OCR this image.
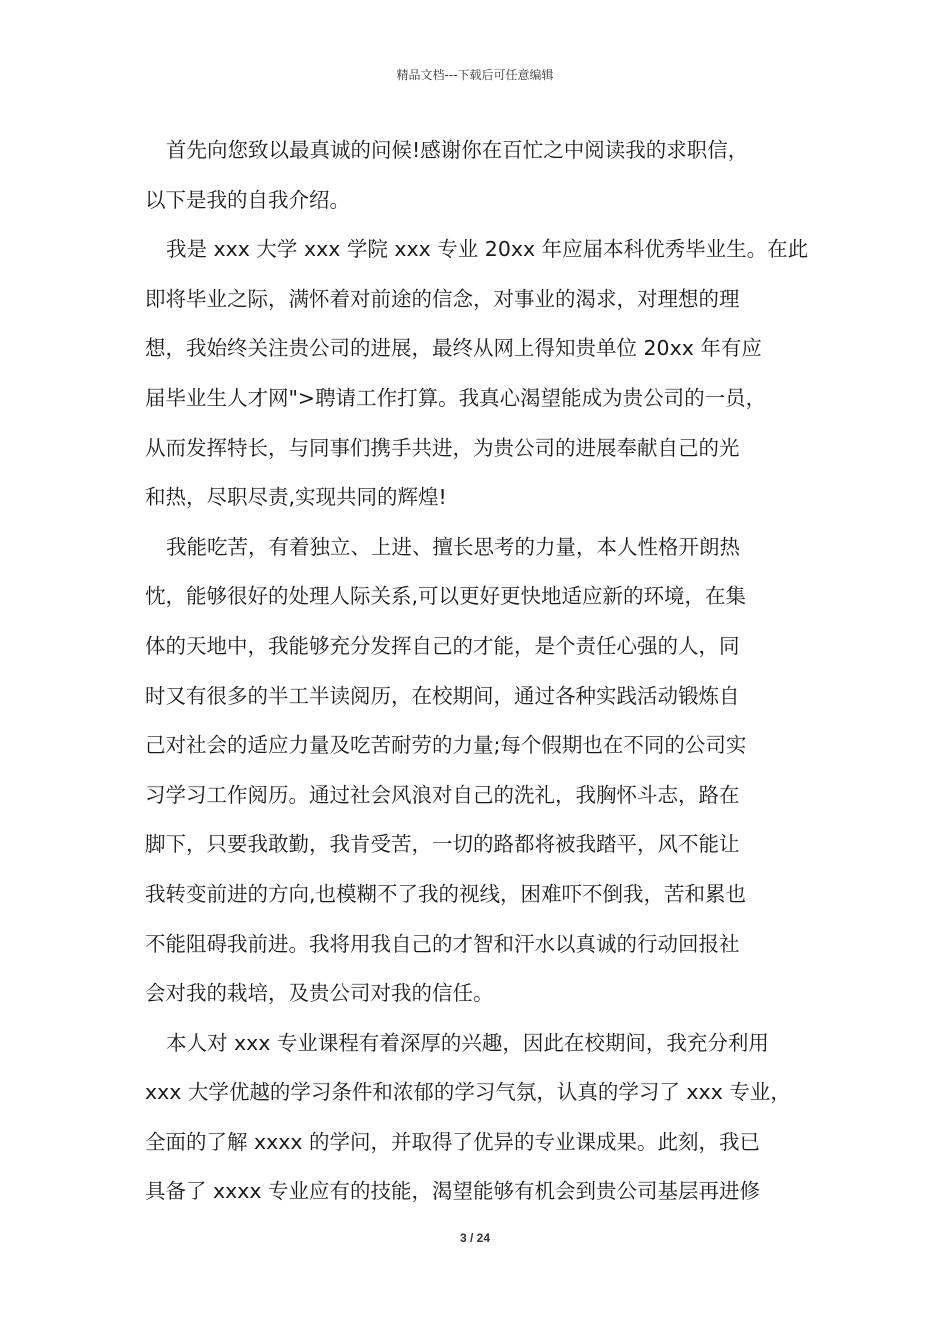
精品文档---下载后可任意编辑
首先向您致以最真诚的问候!感谢你在百忙之中阅读我的求职信，
以下是我的自我介绍。
我是 xxx 大学 xxx 学院 xxx 专业 20xx 年应届本科优秀毕业生。在此
即将毕业之际，满怀着对前途的信念，对事业的渴求，对理想的理
想，我始终关注贵公司的进展，最终从网上得知贵单位 20xx 年有应
届毕业生人才网">聘请工作打算。我真心渴望能成为贵公司的一员，
从而发挥特长，与同事们携手共进，为贵公司的进展奉献自己的光
和热，尽职尽责,实现共同的辉煌!
我能吃苦，有着独立、上进、擅长思考的力量，本人性格开朗热
忱，能够很好的处理人际关系,可以更好更快地适应新的环境，在集
体的天地中，我能够充分发挥自己的才能，是个责任心强的人，同
时又有很多的半工半读阅历，在校期间，通过各种实践活动锻炼自
己对社会的适应力量及吃苦耐劳的力量;每个假期也在不同的公司实
习学习工作阅历。通过社会风浪对自己的洗礼，我胸怀斗志，路在
脚下，只要我敢勤，我肯受苦，一切的路都将被我踏平，风不能让
我转变前进的方向,也模糊不了我的视线，困难吓不倒我，苦和累也
不能阻碍我前进。我将用我自己的才智和汗水以真诚的行动回报社
会对我的栽培，及贵公司对我的信任。
本人对 xxx 专业课程有着深厚的兴趣，因此在校期间，我充分利用
xxx 大学优越的学习条件和浓郁的学习气氛，认真的学习了 xxx 专业，
全面的了解 xxxx 的学问，并取得了优异的专业课成果。此刻，我已
具备了 xxxx 专业应有的技能，渴望能够有机会到贵公司基层再进修
3 / 24
